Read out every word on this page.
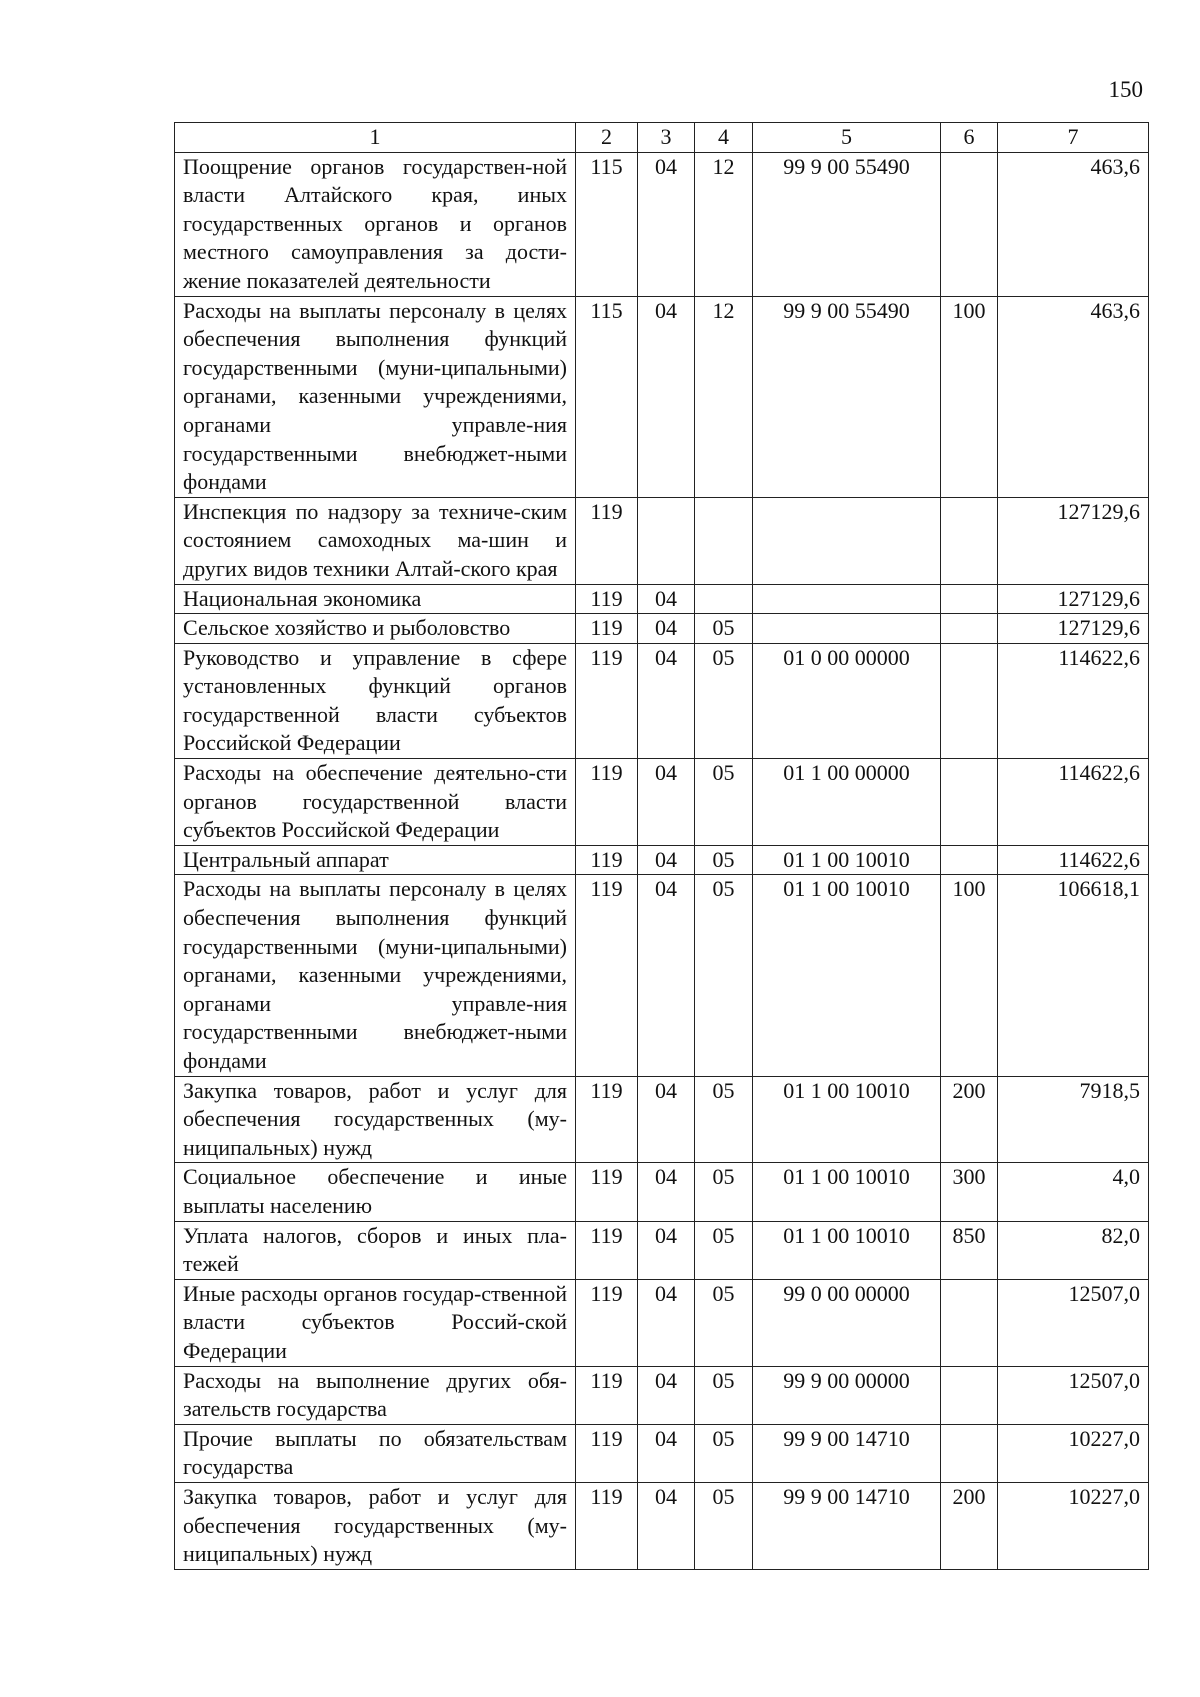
150
1	2	3	4	5	6	7
Поощрение органов государствен-ной власти Алтайского края, иных государственных органов и органов местного самоуправления за дости-жение показателей деятельности	115	04	12	99 9 00 55490		463,6
Расходы на выплаты персоналу в целях обеспечения выполнения функций государственными (муни-ципальными) органами, казенными учреждениями, органами управле-ния государственными внебюджет-ными фондами	115	04	12	99 9 00 55490	100	463,6
Инспекция по надзору за техниче-ским состоянием самоходных ма-шин и других видов техники Алтай-ского края	119					127129,6
Национальная экономика	119	04				127129,6
Сельское хозяйство и рыболовство	119	04	05			127129,6
Руководство и управление в сфере установленных функций органов государственной власти субъектов Российской Федерации	119	04	05	01 0 00 00000		114622,6
Расходы на обеспечение деятельно-сти органов государственной власти субъектов Российской Федерации	119	04	05	01 1 00 00000		114622,6
Центральный аппарат	119	04	05	01 1 00 10010		114622,6
Расходы на выплаты персоналу в целях обеспечения выполнения функций государственными (муни-ципальными) органами, казенными учреждениями, органами управле-ния государственными внебюджет-ными фондами	119	04	05	01 1 00 10010	100	106618,1
Закупка товаров, работ и услуг для обеспечения государственных (му-ниципальных) нужд	119	04	05	01 1 00 10010	200	7918,5
Социальное обеспечение и иные выплаты населению	119	04	05	01 1 00 10010	300	4,0
Уплата налогов, сборов и иных пла-тежей	119	04	05	01 1 00 10010	850	82,0
Иные расходы органов государ-ственной власти субъектов Россий-ской Федерации	119	04	05	99 0 00 00000		12507,0
Расходы на выполнение других обя-зательств государства	119	04	05	99 9 00 00000		12507,0
Прочие выплаты по обязательствам государства	119	04	05	99 9 00 14710		10227,0
Закупка товаров, работ и услуг для обеспечения государственных (му-ниципальных) нужд	119	04	05	99 9 00 14710	200	10227,0
